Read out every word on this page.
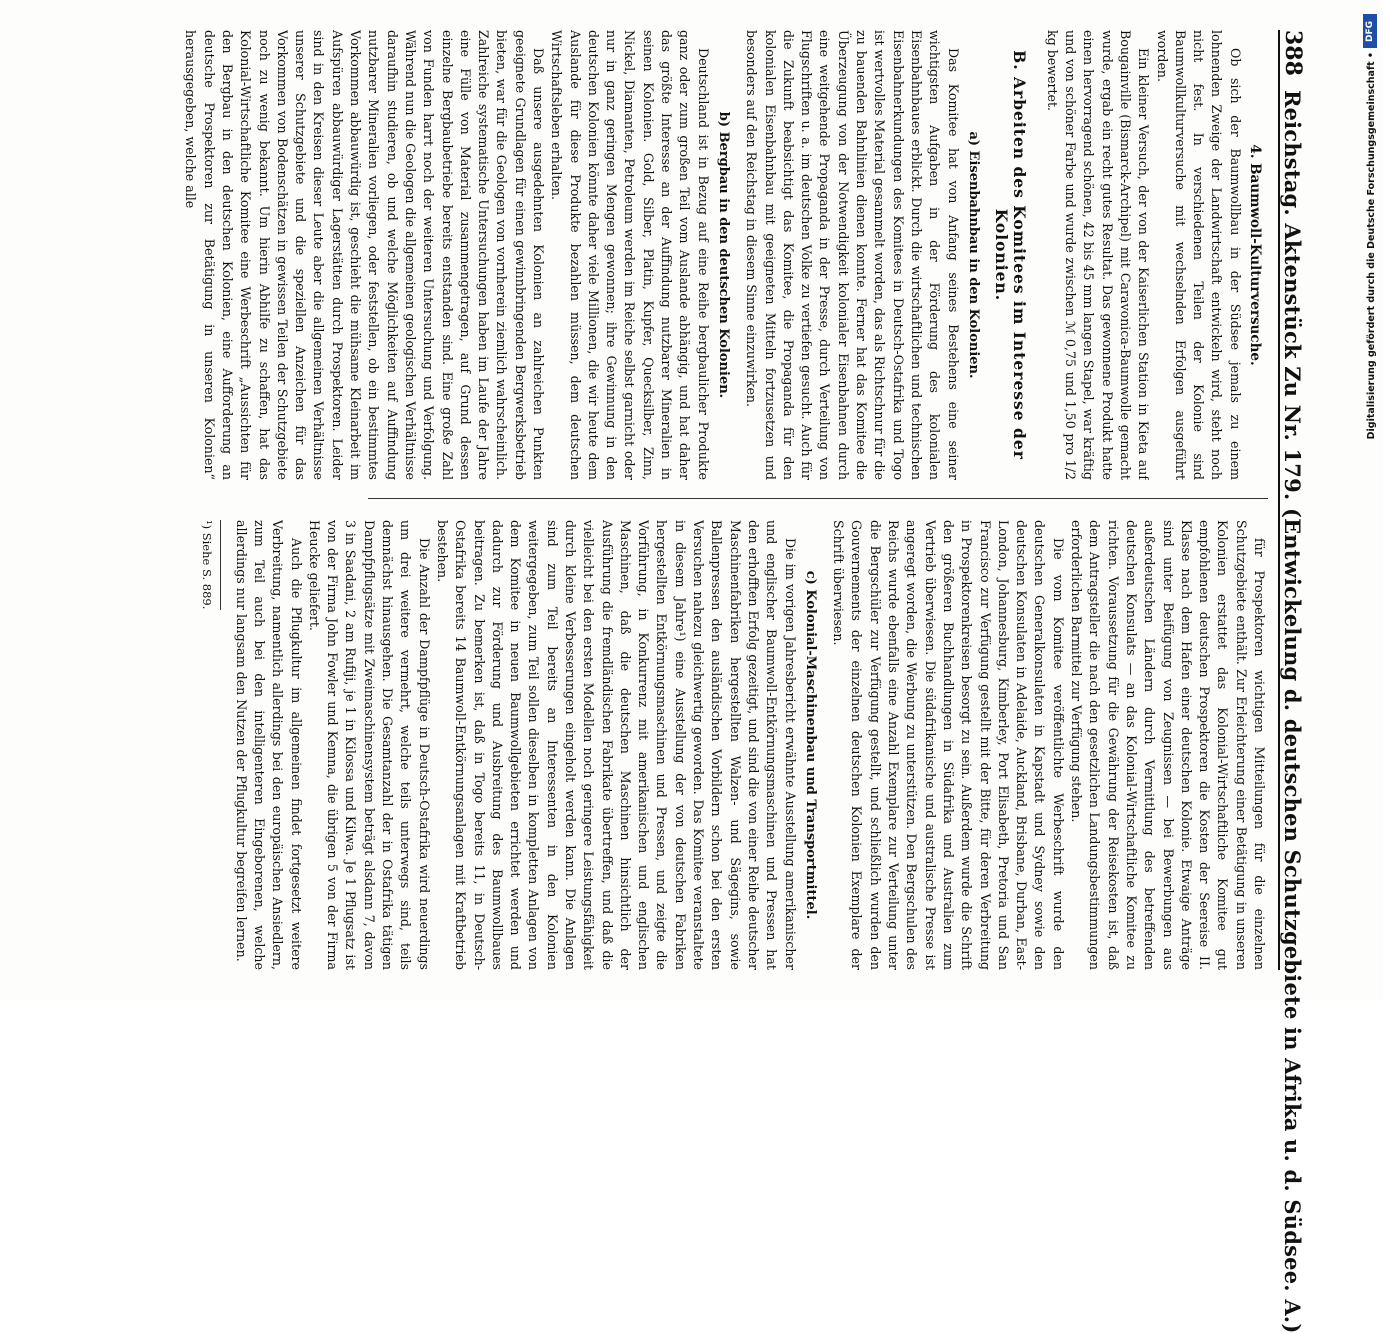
388
Reichstag. Aktenstück Zu Nr. 179. (Entwickelung d. deutschen Schutzgebiete in Afrika u. d. Südsee. A.)
4. Baumwoll-Kulturversuche.

Ob sich der Baumwollbau in der Südsee jemals zu einem lohnenden Zweige der Landwirtschaft entwickeln wird, steht noch nicht fest. In verschiedenen Teilen der Kolonie sind Baumwollkulturversuche mit wechselnden Erfolgen ausgeführt worden.

Ein kleiner Versuch, der von der Kaiserlichen Station in Kieta auf Bougainville (Bismarck-Archipel) mit Caravonica-Baumwolle gemacht wurde, ergab ein recht gutes Resultat. Das gewonnene Produkt hatte einen hervorragend schönen, 42 bis 45 mm langen Stapel, war kräftig und von schöner Farbe und wurde zwischen ℳ 0,75 und 1,50 pro 1/2 kg bewertet.

B. Arbeiten des Komitees im Interesse der Kolonien.
a) Eisenbahnbau in den Kolonien.

Das Komitee hat von Anfang seines Bestehens eine seiner wichtigsten Aufgaben in der Förderung des kolonialen Eisenbahnbaues erblickt. Durch die wirtschaftlichen und technischen Eisenbahnerkundungen des Komitees in Deutsch-Ostafrika und Togo ist wertvolles Material gesammelt worden, das als Richtschnur für die zu bauenden Bahnlinien dienen konnte. Ferner hat das Komitee die Überzeugung von der Notwendigkeit kolonialer Eisenbahnen durch eine weitgehende Propaganda in der Presse, durch Verteilung von Flugschriften u. a. im deutschen Volke zu vertiefen gesucht. Auch für die Zukunft beabsichtigt das Komitee, die Propaganda für den kolonialen Eisenbahnbau mit geeigneten Mitteln fortzusetzen und besonders auf den Reichstag in diesem Sinne einzuwirken.

b) Bergbau in den deutschen Kolonien.

Deutschland ist in Bezug auf eine Reihe bergbaulicher Produkte ganz oder zum großen Teil vom Auslande abhängig, und hat daher das größte Interesse an der Auffindung nutzbarer Mineralien in seinen Kolonien. Gold, Silber, Platin, Kupfer, Quecksilber, Zinn, Nickel, Diamanten, Petroleum werden im Reiche selbst garnicht oder nur in ganz geringen Mengen gewonnen; ihre Gewinnung in den deutschen Kolonien könnte daher viele Millionen, die wir heute dem Auslande für diese Produkte bezahlen müssen, dem deutschen Wirtschaftsleben erhalten.

Daß unsere ausgedehnten Kolonien an zahlreichen Punkten geeignete Grundlagen für einen gewinnbringenden Bergwerksbetrieb bieten, war für die Geologen von vornherein ziemlich wahrscheinlich. Zahlreiche systematische Untersuchungen haben im Laufe der Jahre eine Fülle von Material zusammengetragen, auf Grund dessen einzelne Bergbaubetriebe bereits entstanden sind. Eine große Zahl von Funden harrt noch der weiteren Untersuchung und Verfolgung. Während nun die Geologen die allgemeinen geologischen Verhältnisse daraufhin studieren, ob und welche Möglichkeiten auf Auffindung nutzbarer Mineralien vorliegen, oder feststellen, ob ein bestimmtes Vorkommen abbauwürdig ist, geschieht die mühsame Kleinarbeit im Aufspüren abbauwürdiger Lagerstätten durch Prospektoren. Leider sind in den Kreisen dieser Leute aber die allgemeinen Verhältnisse unserer Schutzgebiete und die speziellen Anzeichen für das Vorkommen von Bodenschätzen in gewissen Teilen der Schutzgebiete noch zu wenig bekannt. Um hierin Abhilfe zu schaffen, hat das Kolonial-Wirtschaftliche Komitee eine Werbeschrift „Aussichten für den Bergbau in den deutschen Kolonien, eine Aufforderung an deutsche Prospektoren zur Betätigung in unseren Kolonien“ herausgegeben, welche alle

für Prospektoren wichtigen Mitteilungen für die einzelnen Schutzgebiete enthält. Zur Erleichterung einer Betätigung in unseren Kolonien erstattet das Kolonial-Wirtschaftliche Komitee gut empfohlenen deutschen Prospektoren die Kosten der Seereise II. Klasse nach dem Hafen einer deutschen Kolonie. Etwaige Anträge sind unter Beifügung von Zeugnissen — bei Bewerbungen aus außerdeutschen Ländern durch Vermittlung des betreffenden deutschen Konsulats — an das Kolonial-Wirtschaftliche Komitee zu richten. Voraussetzung für die Gewährung der Reisekosten ist, daß dem Antragsteller die nach den gesetzlichen Landungsbestimmungen erforderlichen Barmittel zur Verfügung stehen.

Die vom Komitee veröffentlichte Werbeschrift wurde den deutschen Generalkonsulaten in Kapstadt und Sydney sowie den deutschen Konsulaten in Adelaide, Auckland, Brisbane, Durban, East-London, Johannesburg, Kimberley, Port Elisabeth, Pretoria und San Francisco zur Verfügung gestellt mit der Bitte, für deren Verbreitung in Prospektorenkreisen besorgt zu sein. Außerdem wurde die Schrift den größeren Buchhandlungen in Südafrika und Australien zum Vertrieb überwiesen. Die südafrikanische und australische Presse ist angeregt worden, die Werbung zu unterstützen. Den Bergschulen des Reichs wurde ebenfalls eine Anzahl Exemplare zur Verteilung unter die Bergschüler zur Verfügung gestellt, und schließlich wurden den Gouvernements der einzelnen deutschen Kolonien Exemplare der Schrift überwiesen.

c) Kolonial-Maschinenbau und Transportmittel.

Die im vorigen Jahresbericht erwähnte Ausstellung amerikanischer und englischer Baumwoll-Entkörnungsmaschinen und Pressen hat den erhofften Erfolg gezeitigt, und sind die von einer Reihe deutscher Maschinenfabriken hergestellten Walzen- und Sägegins, sowie Ballenpressen den ausländischen Vorbildern schon bei den ersten Versuchen nahezu gleichwertig geworden. Das Komitee veranstaltete in diesem Jahre¹) eine Ausstellung der von deutschen Fabriken hergestellten Entkörnungsmaschinen und Pressen, und zeigte die Vorführung, in Konkurrenz mit amerikanischen und englischen Maschinen, daß die deutschen Maschinen hinsichtlich der Ausführung die fremdländischen Fabrikate übertreffen, und daß die vielleicht bei den ersten Modellen noch geringere Leistungsfähigkeit durch kleine Verbesserungen eingeholt werden kann. Die Anlagen sind zum Teil bereits an Interessenten in den Kolonien weitergegeben, zum Teil sollen dieselben in kompletten Anlagen von dem Komitee in neuen Baumwollgebieten errichtet werden und dadurch zur Förderung und Ausbreitung des Baumwollbaues beitragen. Zu bemerken ist, daß in Togo bereits 11, in Deutsch-Ostafrika bereits 14 Baumwoll-Entkörnungsanlagen mit Kraftbetrieb bestehen.

Die Anzahl der Dampfpflüge in Deutsch-Ostafrika wird neuerdings um drei weitere vermehrt, welche teils unterwegs sind, teils demnächst hinausgehen. Die Gesamtanzahl der in Ostafrika tätigen Dampfpflugsätze mit Zweimaschinensystem beträgt alsdann 7, davon 3 in Saadani, 2 am Rufiji, je 1 in Kilossa und Kilwa. Je 1 Pflugsatz ist von der Firma John Fowler und Kemna, die übrigen 5 von der Firma Heucke geliefert.

Auch die Pflugkultur im allgemeinen findet fortgesetzt weitere Verbreitung, namentlich allerdings bei den europäischen Ansiedlern, zum Teil auch bei den intelligenteren Eingeborenen, welche allerdings nur langsam den Nutzen der Pflugkultur begreifen lernen.

¹) Siehe S. 889.

DFG
Digitalisierung gefördert durch die Deutsche Forschungsgemeinschaft •
